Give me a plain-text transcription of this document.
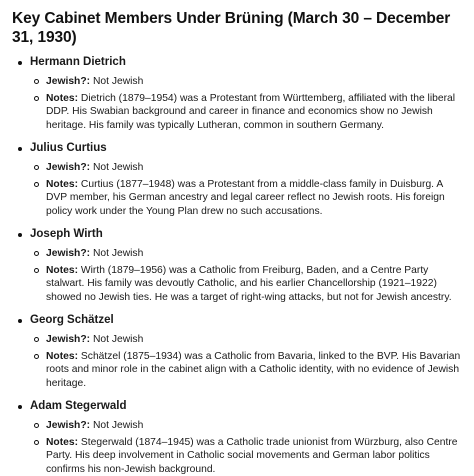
Key Cabinet Members Under Brüning (March 30 – December 31, 1930)
Hermann Dietrich
Jewish?: Not Jewish
Notes: Dietrich (1879–1954) was a Protestant from Württemberg, affiliated with the liberal DDP. His Swabian background and career in finance and economics show no Jewish heritage. His family was typically Lutheran, common in southern Germany.
Julius Curtius
Jewish?: Not Jewish
Notes: Curtius (1877–1948) was a Protestant from a middle-class family in Duisburg. A DVP member, his German ancestry and legal career reflect no Jewish roots. His foreign policy work under the Young Plan drew no such accusations.
Joseph Wirth
Jewish?: Not Jewish
Notes: Wirth (1879–1956) was a Catholic from Freiburg, Baden, and a Centre Party stalwart. His family was devoutly Catholic, and his earlier Chancellorship (1921–1922) showed no Jewish ties. He was a target of right-wing attacks, but not for Jewish ancestry.
Georg Schätzel
Jewish?: Not Jewish
Notes: Schätzel (1875–1934) was a Catholic from Bavaria, linked to the BVP. His Bavarian roots and minor role in the cabinet align with a Catholic identity, with no evidence of Jewish heritage.
Adam Stegerwald
Jewish?: Not Jewish
Notes: Stegerwald (1874–1945) was a Catholic trade unionist from Würzburg, also Centre Party. His deep involvement in Catholic social movements and German labor politics confirms his non-Jewish background.
